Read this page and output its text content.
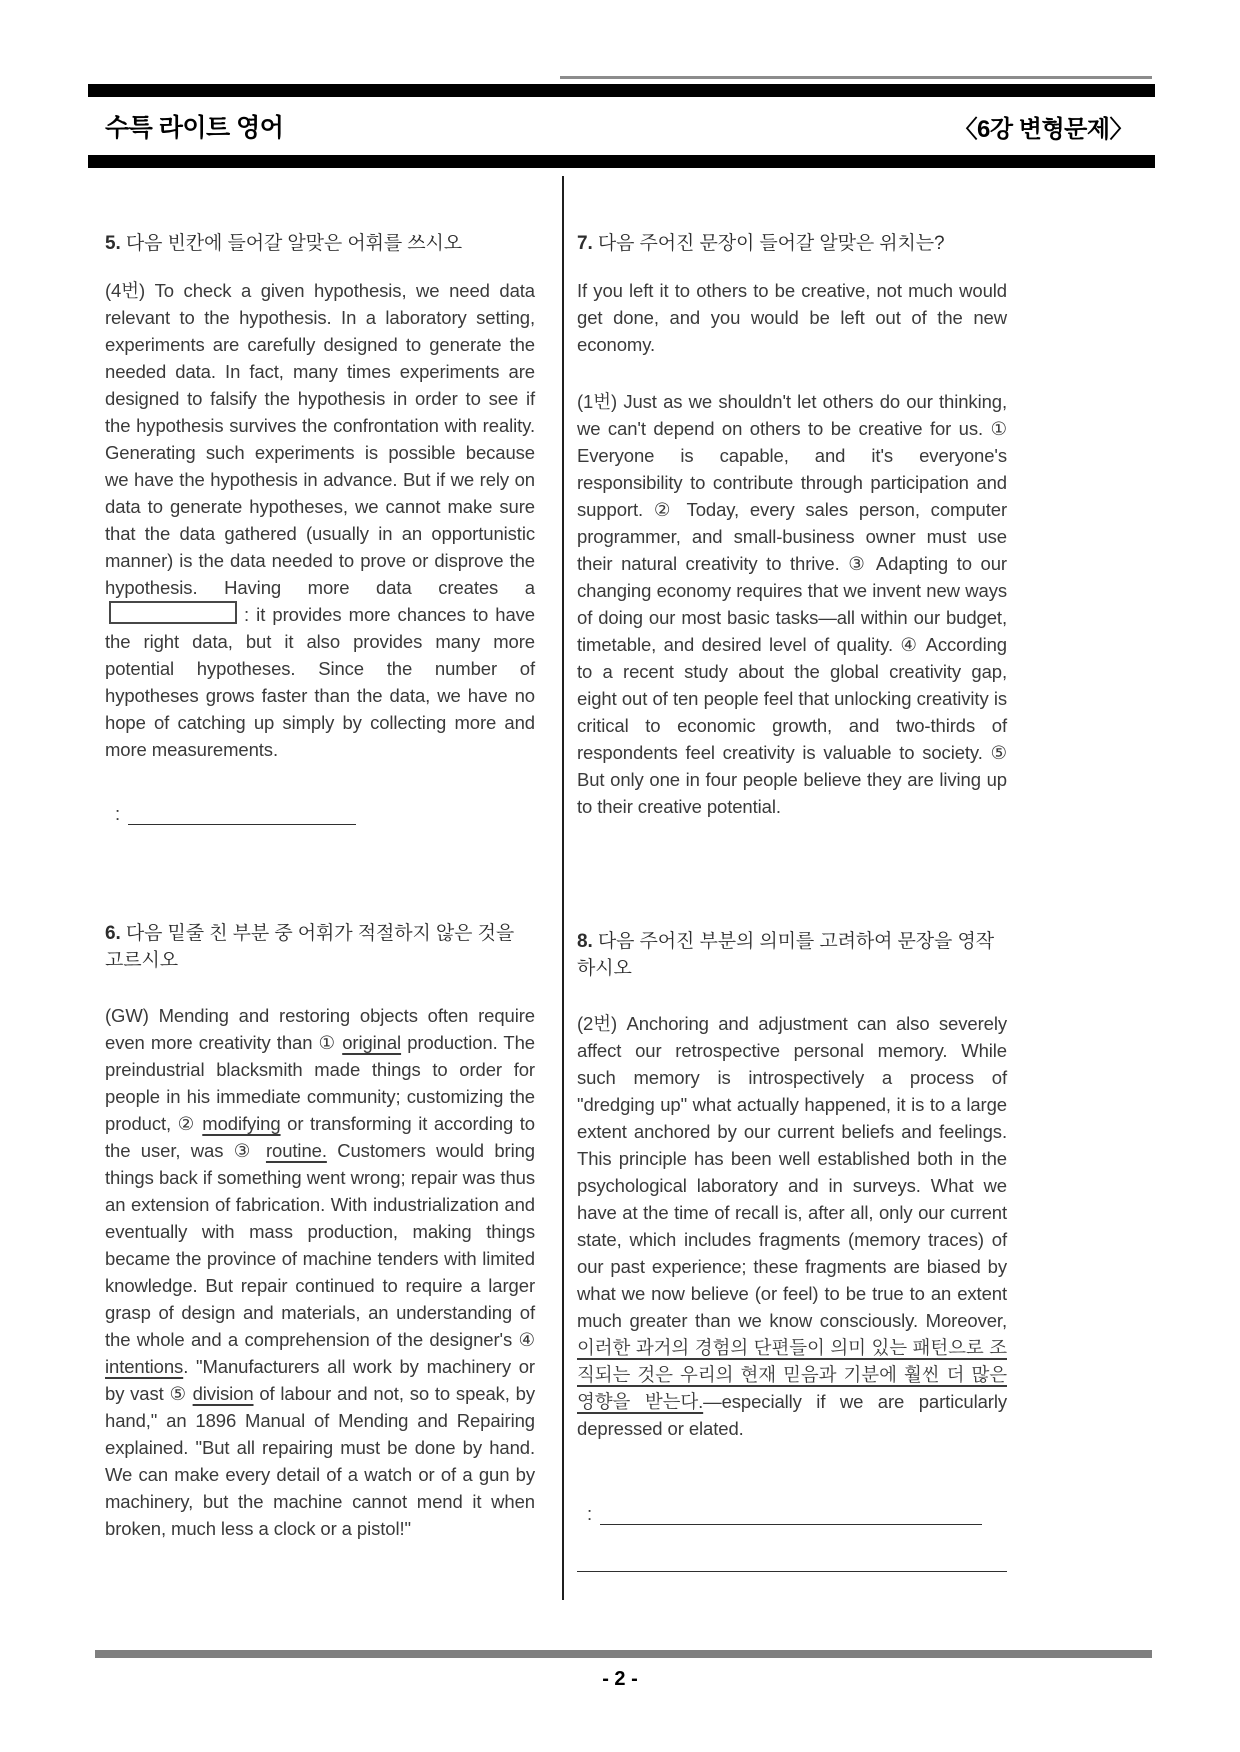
수특 라이트 영어	〈6강 변형문제〉
5. 다음 빈칸에 들어갈 알맞은 어휘를 쓰시오
(4번) To check a given hypothesis, we need data relevant to the hypothesis. In a laboratory setting, experiments are carefully designed to generate the needed data. In fact, many times experiments are designed to falsify the hypothesis in order to see if the hypothesis survives the confrontation with reality. Generating such experiments is possible because we have the hypothesis in advance. But if we rely on data to generate hypotheses, we cannot make sure that the data gathered (usually in an opportunistic manner) is the data needed to prove or disprove the hypothesis. Having more data creates a: it provides more chances to have the right data, but it also provides many more potential hypotheses. Since the number of hypotheses grows faster than the data, we have no hope of catching up simply by collecting more and more measurements.
:
6. 다음 밑줄 친 부분 중 어휘가 적절하지 않은 것을 고르시오
(GW) Mending and restoring objects often require even more creativity than ① original production. The preindustrial blacksmith made things to order for people in his immediate community; customizing the product, ② modifying or transforming it according to the user, was ③ routine. Customers would bring things back if something went wrong; repair was thus an extension of fabrication. With industrialization and eventually with mass production, making things became the province of machine tenders with limited knowledge. But repair continued to require a larger grasp of design and materials, an understanding of the whole and a comprehension of the designer's ④ intentions. "Manufacturers all work by machinery or by vast ⑤ division of labour and not, so to speak, by hand," an 1896 Manual of Mending and Repairing explained. "But all repairing must be done by hand. We can make every detail of a watch or of a gun by machinery, but the machine cannot mend it when broken, much less a clock or a pistol!"
7. 다음 주어진 문장이 들어갈 알맞은 위치는?
If you left it to others to be creative, not much would get done, and you would be left out of the new economy.
(1번) Just as we shouldn't let others do our thinking, we can't depend on others to be creative for us. ① Everyone is capable, and it's everyone's responsibility to contribute through participation and support. ② Today, every sales person, computer programmer, and small-business owner must use their natural creativity to thrive. ③ Adapting to our changing economy requires that we invent new ways of doing our most basic tasks—all within our budget, timetable, and desired level of quality. ④ According to a recent study about the global creativity gap, eight out of ten people feel that unlocking creativity is critical to economic growth, and two-thirds of respondents feel creativity is valuable to society. ⑤ But only one in four people believe they are living up to their creative potential.
8. 다음 주어진 부분의 의미를 고려하여 문장을 영작하시오
(2번) Anchoring and adjustment can also severely affect our retrospective personal memory. While such memory is introspectively a process of "dredging up" what actually happened, it is to a large extent anchored by our current beliefs and feelings. This principle has been well established both in the psychological laboratory and in surveys. What we have at the time of recall is, after all, only our current state, which includes fragments (memory traces) of our past experience; these fragments are biased by what we now believe (or feel) to be true to an extent much greater than we know consciously. Moreover, 이러한 과거의 경험의 단편들이 의미 있는 패턴으로 조직되는 것은 우리의 현재 믿음과 기분에 훨씬 더 많은 영향을 받는다.—especially if we are particularly depressed or elated.
:
- 2 -
